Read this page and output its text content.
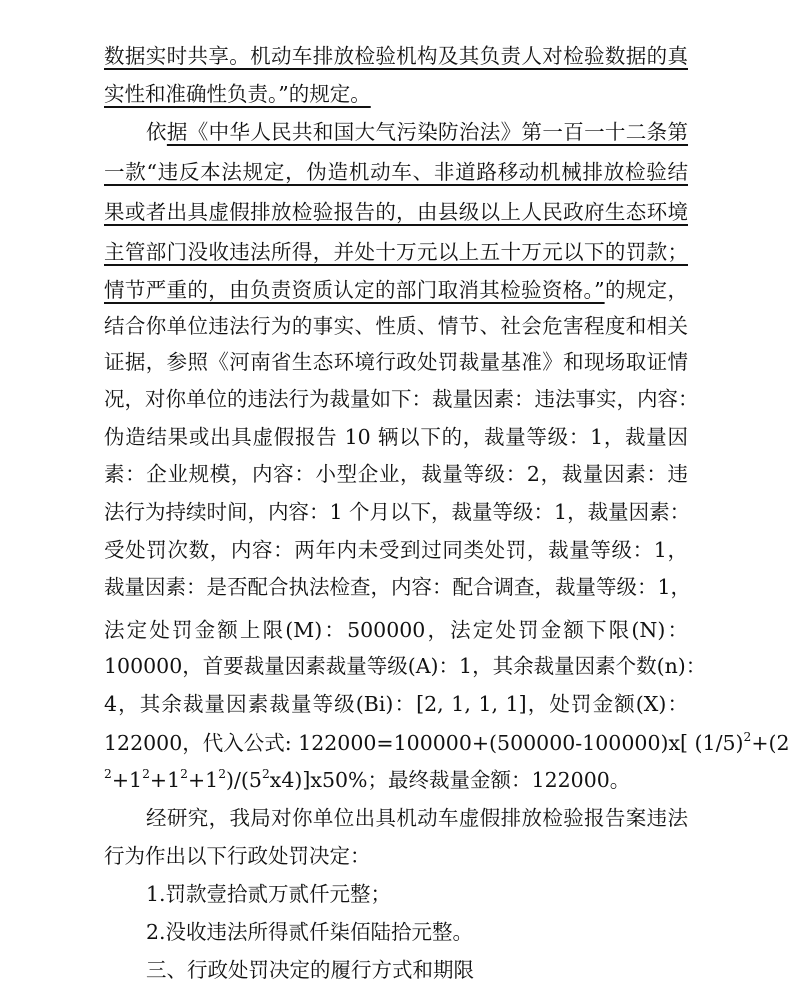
数据实时共享。机动车排放检验机构及其负责人对检验数据的真
实性和准确性负责。”的规定。
依据《中华人民共和国大气污染防治法》第一百一十二条第
一款“违反本法规定，伪造机动车、非道路移动机械排放检验结
果或者出具虚假排放检验报告的，由县级以上人民政府生态环境
主管部门没收违法所得，并处十万元以上五十万元以下的罚款；
情节严重的，由负责资质认定的部门取消其检验资格。”的规定，
结合你单位违法行为的事实、性质、情节、社会危害程度和相关
证据，参照《河南省生态环境行政处罚裁量基准》和现场取证情
况，对你单位的违法行为裁量如下：裁量因素：违法事实，内容：
伪造结果或出具虚假报告 10 辆以下的，裁量等级：1，裁量因
素：企业规模，内容：小型企业，裁量等级：2，裁量因素：违
法行为持续时间，内容：1 个月以下，裁量等级：1，裁量因素：
受处罚次数，内容：两年内未受到过同类处罚，裁量等级：1，
裁量因素：是否配合执法检查，内容：配合调查，裁量等级：1，
法定处罚金额上限(M)：500000，法定处罚金额下限(N)：
100000，首要裁量因素裁量等级(A)：1，其余裁量因素个数(n)：
4，其余裁量因素裁量等级(Bi)：[2, 1, 1, 1]，处罚金额(X)：
122000，代入公式: 122000=100000+(500000-100000)x[ $(1/5)^2+(2$
$^2+1^2+1^2+1^2)/(5^2x4)]x50\%$；最终裁量金额：122000。
经研究，我局对你单位出具机动车虚假排放检验报告案违法
行为作出以下行政处罚决定：
1.罚款壹拾贰万贰仟元整；
2.没收违法所得贰仟柒佰陆拾元整。
三、行政处罚决定的履行方式和期限
